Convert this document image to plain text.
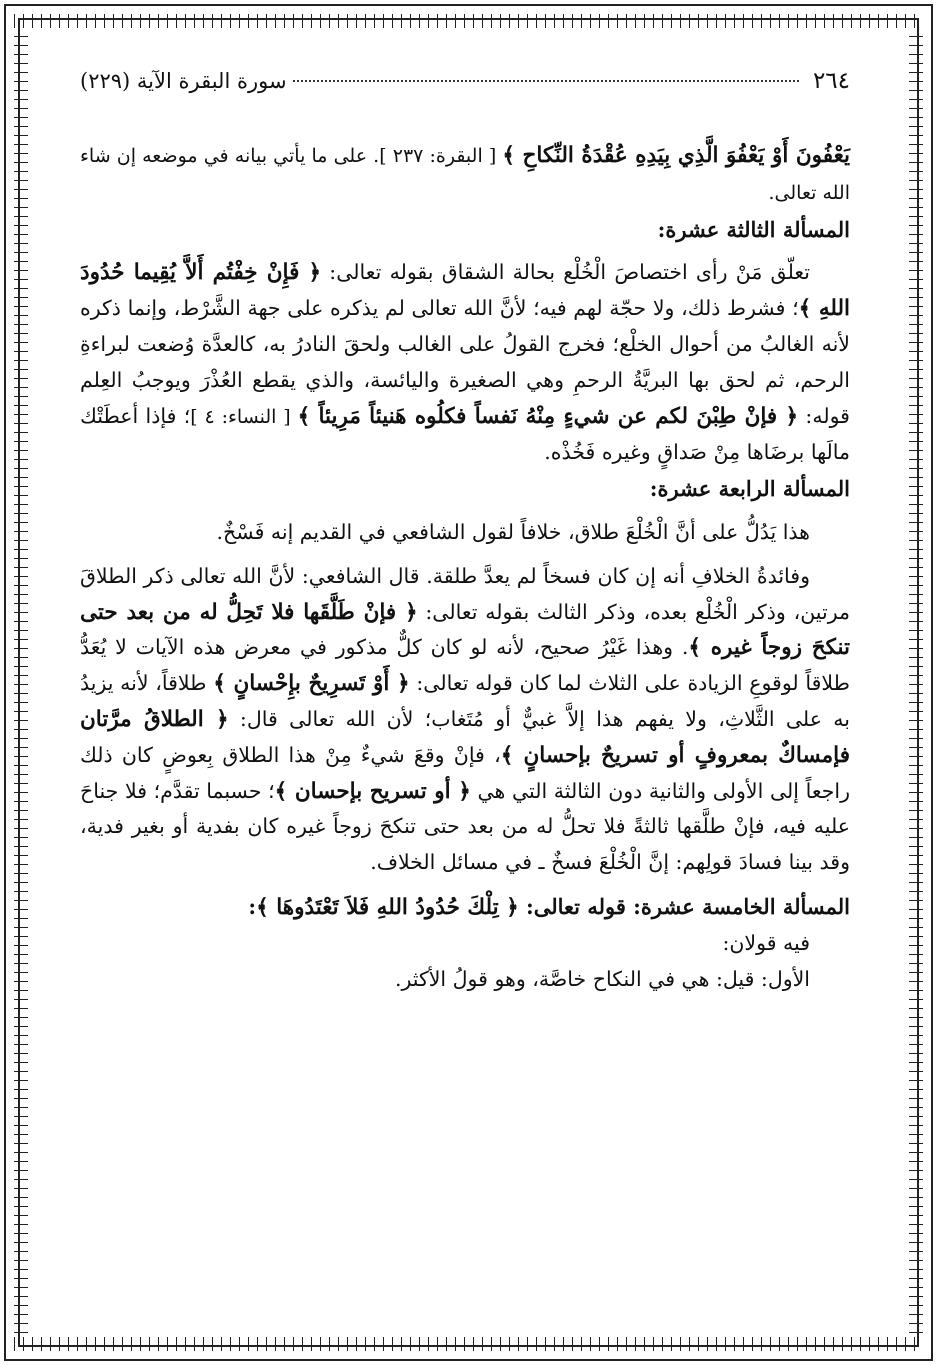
٢٦٤
سورة البقرة الآية (٢٢٩)

يَعْفُونَ أَوْ يَعْفُوَ الَّذِي بِيَدِهِ عُقْدَةُ النِّكاحِ ﴾ [ البقرة: ٢٣٧ ]. على ما يأتي بيانه في موضعه إن شاء الله تعالى.

المسألة الثالثة عشرة:

تعلّق مَنْ رأى اختصاصَ الْخُلْع بحالة الشقاق بقوله تعالى: ﴿ فَإِنْ خِفْتُم أَلاَّ يُقِيما حُدُودَ اللهِ ﴾؛ فشرط ذلك، ولا حجّة لهم فيه؛ لأنَّ الله تعالى لم يذكره على جهة الشَّرْط، وإنما ذكره لأنه الغالبُ من أحوال الخلْع؛ فخرج القولُ على الغالب ولحقَ النادرُ به، كالعدَّة وُضعت لبراءةِ الرحم، ثم لحق بها البريَّةُ الرحمِ وهي الصغيرة واليائسة، والذي يقطع العُذْرَ ويوجبُ العِلم قوله: ﴿ فإنْ طِبْنَ لكم عن شيءٍ مِنْهُ نَفساً فكلُوه هَنيئاً مَرِيئاً ﴾ [ النساء: ٤ ]؛ فإذا أعطَتْك مالَها برضَاها مِنْ صَداقٍ وغيره فَخُذْه.

المسألة الرابعة عشرة:

هذا يَدُلُّ على أنَّ الْخُلْعَ طلاق، خلافاً لقول الشافعي في القديم إنه فَسْخٌ.

وفائدةُ الخلافِ أنه إن كان فسخاً لم يعدَّ طلقة. قال الشافعي: لأنَّ الله تعالى ذكر الطلاقَ مرتين، وذكر الْخُلْع بعده، وذكر الثالث بقوله تعالى: ﴿ فإنْ طَلَّقَها فلا تَحِلُّ له من بعد حتى تنكحَ زوجاً غيره ﴾. وهذا غَيْرُ صحيح، لأنه لو كان كلٌّ مذكور في معرض هذه الآيات لا يُعَدُّ طلاقاً لوقوعِ الزيادة على الثلاث لما كان قوله تعالى: ﴿ أَوْ تَسرِيحٌ بإِحْسانٍ ﴾ طلاقاً، لأنه يزيدُ به على الثَّلاثِ، ولا يفهم هذا إلاَّ غبيٌّ أو مُتَغاب؛ لأن الله تعالى قال: ﴿ الطلاقُ مرَّتان فإمساكٌ بمعروفٍ أو تسريحٌ بإحسانٍ ﴾، فإنْ وقعَ شيءٌ مِنْ هذا الطلاق بِعوضٍ كان ذلك راجعاً إلى الأولى والثانية دون الثالثة التي هي ﴿ أو تسريح بإحسان ﴾؛ حسبما تقدَّم؛ فلا جناحَ عليه فيه، فإنْ طلَّقها ثالثةً فلا تحلُّ له من بعد حتى تنكحَ زوجاً غيره كان بفدية أو بغير فدية، وقد بينا فسادَ قولِهم: إنَّ الْخُلْعَ فسخٌ ـ في مسائل الخلاف.

المسألة الخامسة عشرة: قوله تعالى: ﴿ تِلْكَ حُدُودُ اللهِ فَلاَ تَعْتَدُوهَا ﴾:

فيه قولان:

الأول: قيل: هي في النكاح خاصَّة، وهو قولُ الأكثر.
